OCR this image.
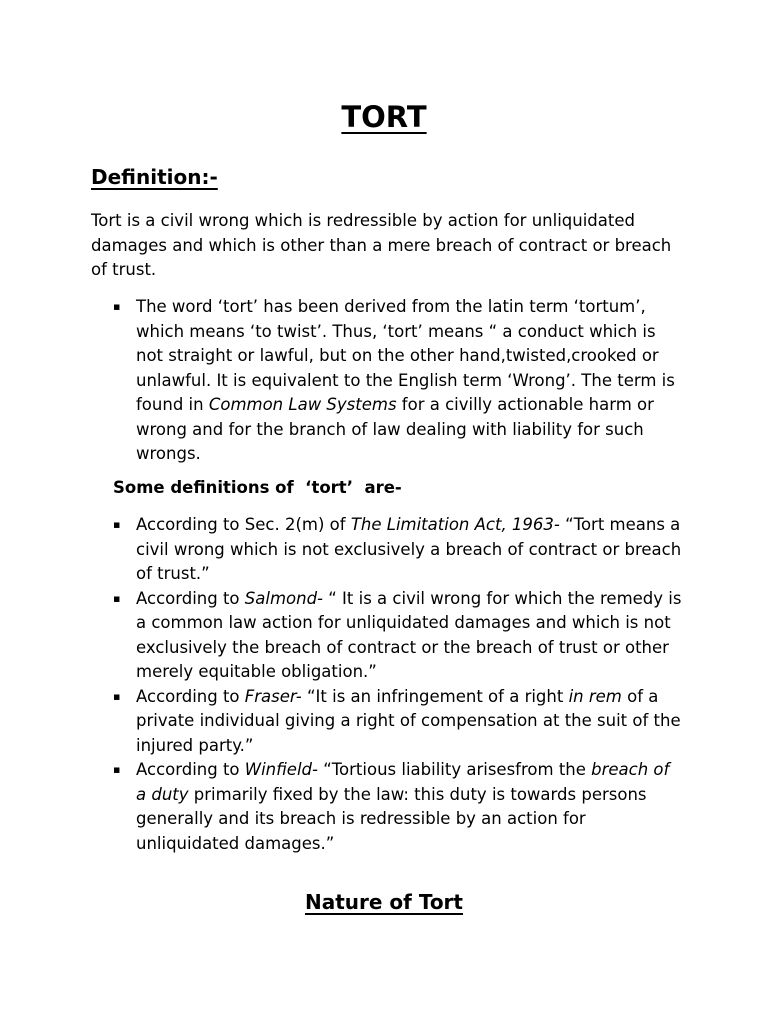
TORT
Definition:-

Tort is a civil wrong which is redressible by action for unliquidated damages and which is other than a mere breach of contract or breach of trust.

▪ The word ‘tort’ has been derived from the latin term ‘tortum’, which means ‘to twist’. Thus, ‘tort’ means “ a conduct which is not straight or lawful, but on the other hand,twisted,crooked or unlawful. It is equivalent to the English term ‘Wrong’. The term is found in Common Law Systems for a civilly actionable harm or wrong and for the branch of law dealing with liability for such wrongs.

Some definitions of  ‘tort’  are-

▪ According to Sec. 2(m) of The Limitation Act, 1963- “Tort means a civil wrong which is not exclusively a breach of contract or breach of trust.”
▪ According to Salmond- “ It is a civil wrong for which the remedy is a common law action for unliquidated damages and which is not exclusively the breach of contract or the breach of trust or other merely equitable obligation.”
▪ According to Fraser- “It is an infringement of a right in rem of a private individual giving a right of compensation at the suit of the injured party.”
▪ According to Winfield- “Tortious liability arisesfrom the breach of a duty primarily fixed by the law: this duty is towards persons generally and its breach is redressible by an action for unliquidated damages.”
Nature of Tort
